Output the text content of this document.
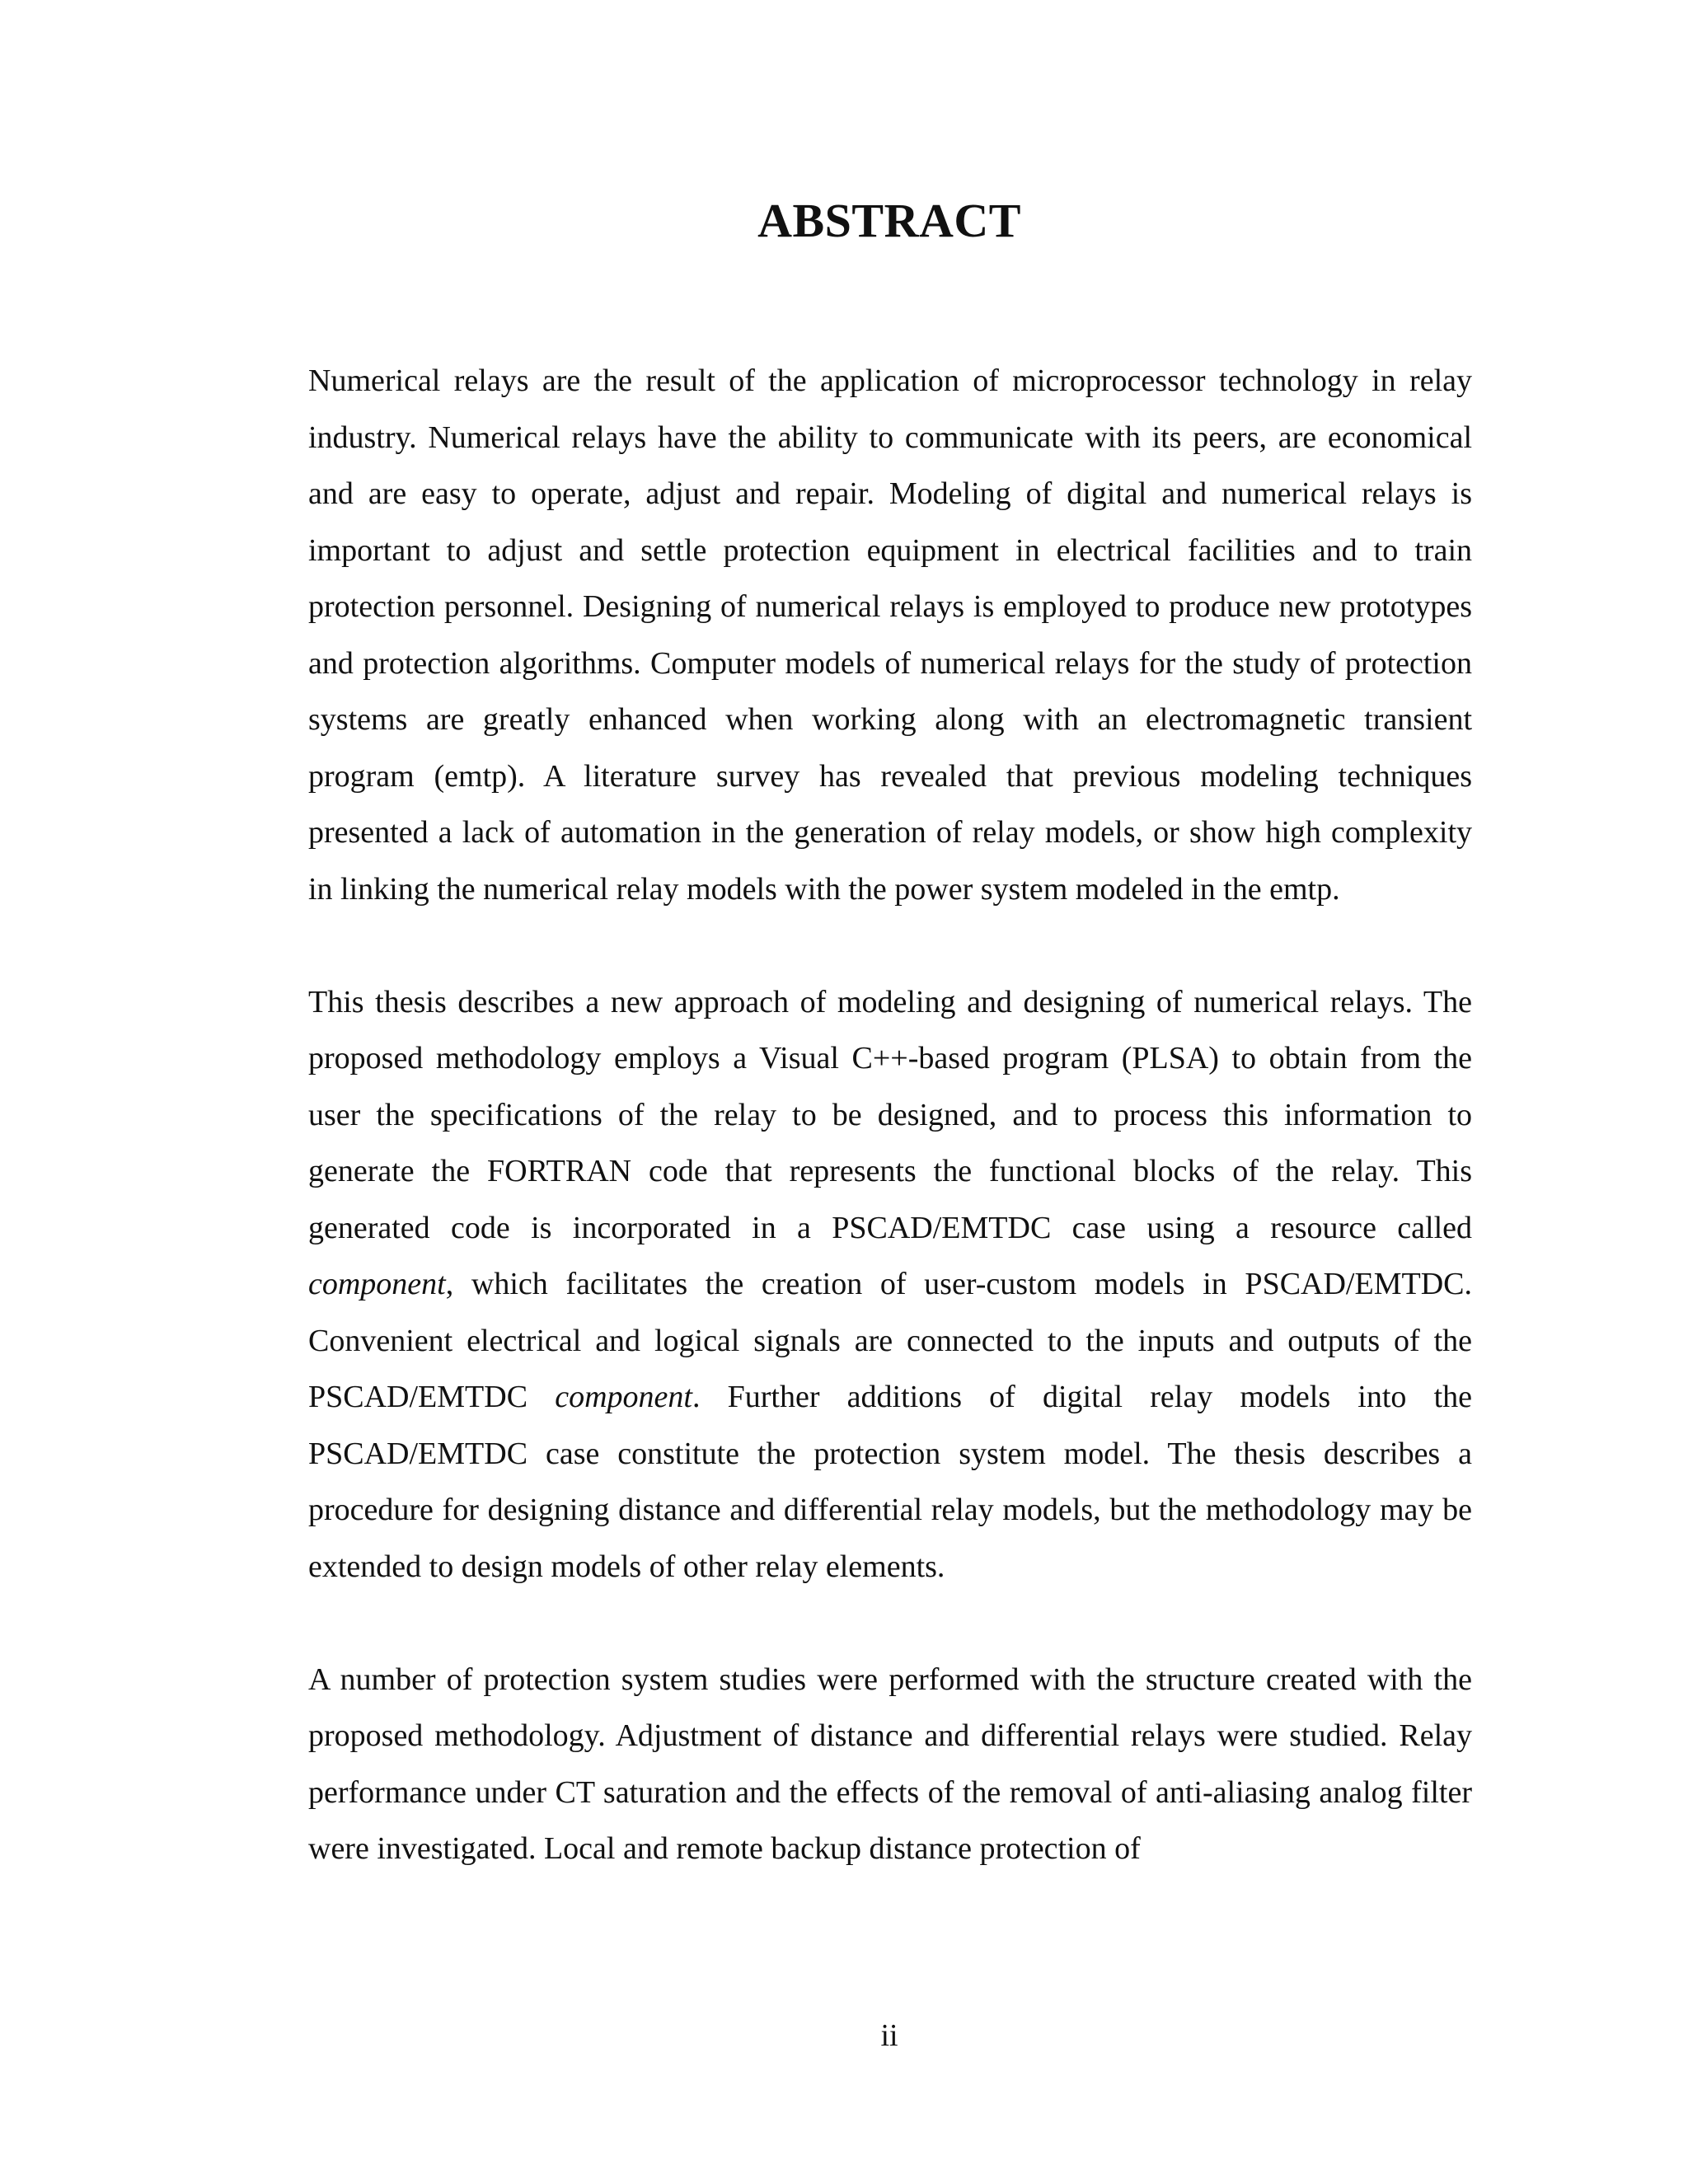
ABSTRACT

Numerical relays are the result of the application of microprocessor technology in relay industry. Numerical relays have the ability to communicate with its peers, are economical and are easy to operate, adjust and repair. Modeling of digital and numerical relays is important to adjust and settle protection equipment in electrical facilities and to train protection personnel. Designing of numerical relays is employed to produce new prototypes and protection algorithms. Computer models of numerical relays for the study of protection systems are greatly enhanced when working along with an electromagnetic transient program (emtp). A literature survey has revealed that previous modeling techniques presented a lack of automation in the generation of relay models, or show high complexity in linking the numerical relay models with the power system modeled in the emtp.

This thesis describes a new approach of modeling and designing of numerical relays. The proposed methodology employs a Visual C++-based program (PLSA) to obtain from the user the specifications of the relay to be designed, and to process this information to generate the FORTRAN code that represents the functional blocks of the relay. This generated code is incorporated in a PSCAD/EMTDC case using a resource called component, which facilitates the creation of user-custom models in PSCAD/EMTDC. Convenient electrical and logical signals are connected to the inputs and outputs of the PSCAD/EMTDC component. Further additions of digital relay models into the PSCAD/EMTDC case constitute the protection system model. The thesis describes a procedure for designing distance and differential relay models, but the methodology may be extended to design models of other relay elements.

A number of protection system studies were performed with the structure created with the proposed methodology. Adjustment of distance and differential relays were studied. Relay performance under CT saturation and the effects of the removal of anti-aliasing analog filter were investigated. Local and remote backup distance protection of

ii
